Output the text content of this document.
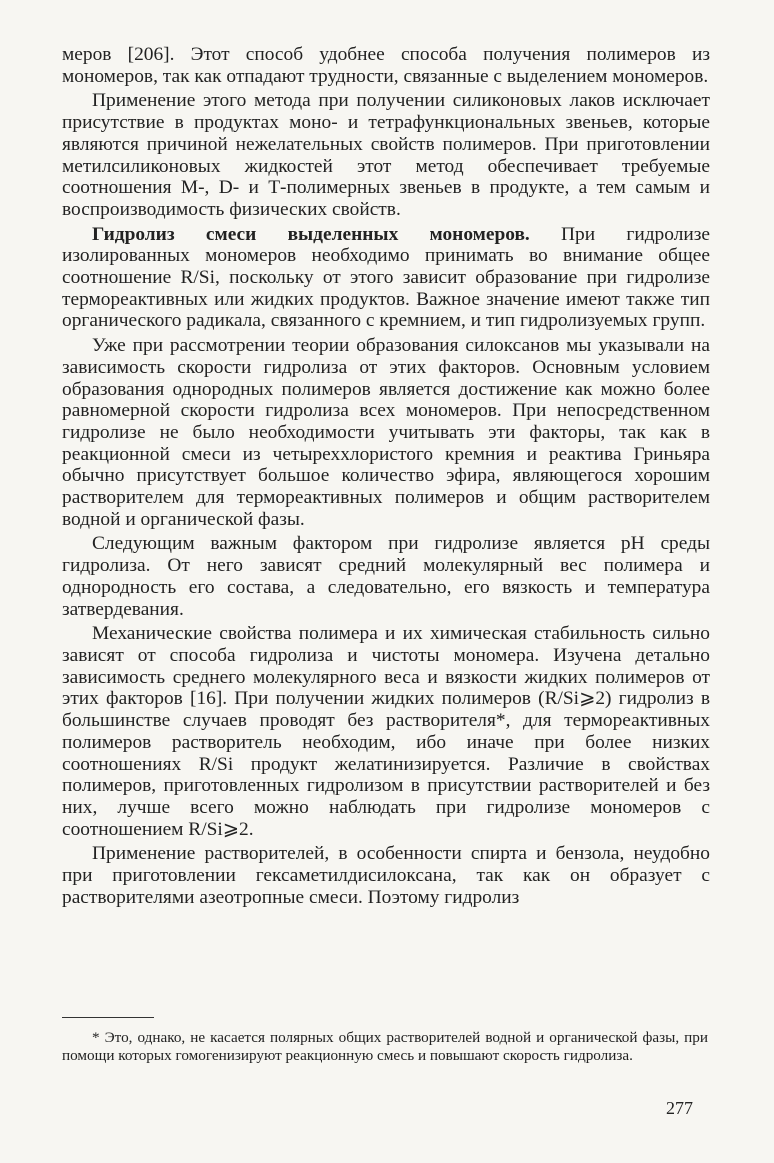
меров [206]. Этот способ удобнее способа получения полимеров из мономеров, так как отпадают трудности, связанные с выделением мономеров.

Применение этого метода при получении силиконовых лаков исключает присутствие в продуктах моно- и тетрафункциональных звеньев, которые являются причиной нежелательных свойств полимеров. При приготовлении метилсиликоновых жидкостей этот метод обеспечивает требуемые соотношения М-, D- и Т-полимерных звеньев в продукте, а тем самым и воспроизводимость физических свойств.

Гидролиз смеси выделенных мономеров. При гидролизе изолированных мономеров необходимо принимать во внимание общее соотношение R/Si, поскольку от этого зависит образование при гидролизе термореактивных или жидких продуктов. Важное значение имеют также тип органического радикала, связанного с кремнием, и тип гидролизуемых групп.

Уже при рассмотрении теории образования силоксанов мы указывали на зависимость скорости гидролиза от этих факторов. Основным условием образования однородных полимеров является достижение как можно более равномерной скорости гидролиза всех мономеров. При непосредственном гидролизе не было необходимости учитывать эти факторы, так как в реакционной смеси из четыреххлористого кремния и реактива Гриньяра обычно присутствует большое количество эфира, являющегося хорошим растворителем для термореактивных полимеров и общим растворителем водной и органической фазы.

Следующим важным фактором при гидролизе является pH среды гидролиза. От него зависят средний молекулярный вес полимера и однородность его состава, а следовательно, его вязкость и температура затвердевания.

Механические свойства полимера и их химическая стабильность сильно зависят от способа гидролиза и чистоты мономера. Изучена детально зависимость среднего молекулярного веса и вязкости жидких полимеров от этих факторов [16]. При получении жидких полимеров (R/Si⩾2) гидролиз в большинстве случаев проводят без растворителя*, для термореактивных полимеров растворитель необходим, ибо иначе при более низких соотношениях R/Si продукт желатинизируется. Различие в свойствах полимеров, приготовленных гидролизом в присутствии растворителей и без них, лучше всего можно наблюдать при гидролизе мономеров с соотношением R/Si⩾2.

Применение растворителей, в особенности спирта и бензола, неудобно при приготовлении гексаметилдисилоксана, так как он образует с растворителями азеотропные смеси. Поэтому гидролиз

* Это, однако, не касается полярных общих растворителей водной и органической фазы, при помощи которых гомогенизируют реакционную смесь и повышают скорость гидролиза.
277
